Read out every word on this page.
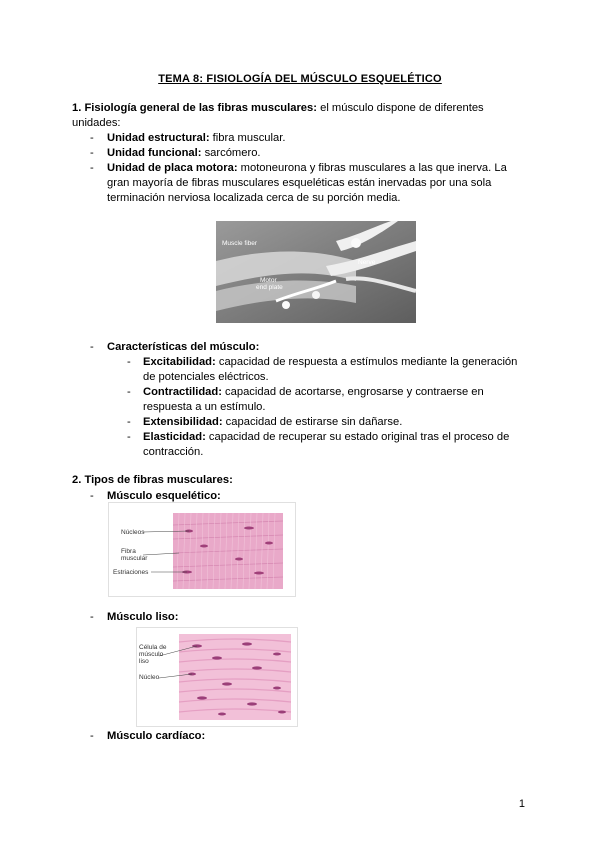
TEMA 8: FISIOLOGÍA DEL MÚSCULO ESQUELÉTICO

1. Fisiología general de las fibras musculares: el músculo dispone de diferentes

unidades:

- Unidad estructural: fibra muscular.
- Unidad funcional: sarcómero.
- Unidad de placa motora: motoneurona y fibras musculares a las que inerva. La

gran mayoría de fibras musculares esqueléticas están inervadas por una sola

terminación nerviosa localizada cerca de su porción media.

Muscle fiber
Nerve
Motor
end plate
- Características del músculo:
- Excitabilidad: capacidad de respuesta a estímulos mediante la generación

de potenciales eléctricos.

- Contractilidad: capacidad de acortarse, engrosarse y contraerse en

respuesta a un estímulo.

- Extensibilidad: capacidad de estirarse sin dañarse.

- Elasticidad: capacidad de recuperar su estado original tras el proceso de

contracción.

2. Tipos de fibras musculares:
- Músculo esquelético:
Núcleos
Fibra
muscular
Estriaciones
- Músculo liso:
Célula de
músculo
liso
Núcleo
- Músculo cardíaco:
1
